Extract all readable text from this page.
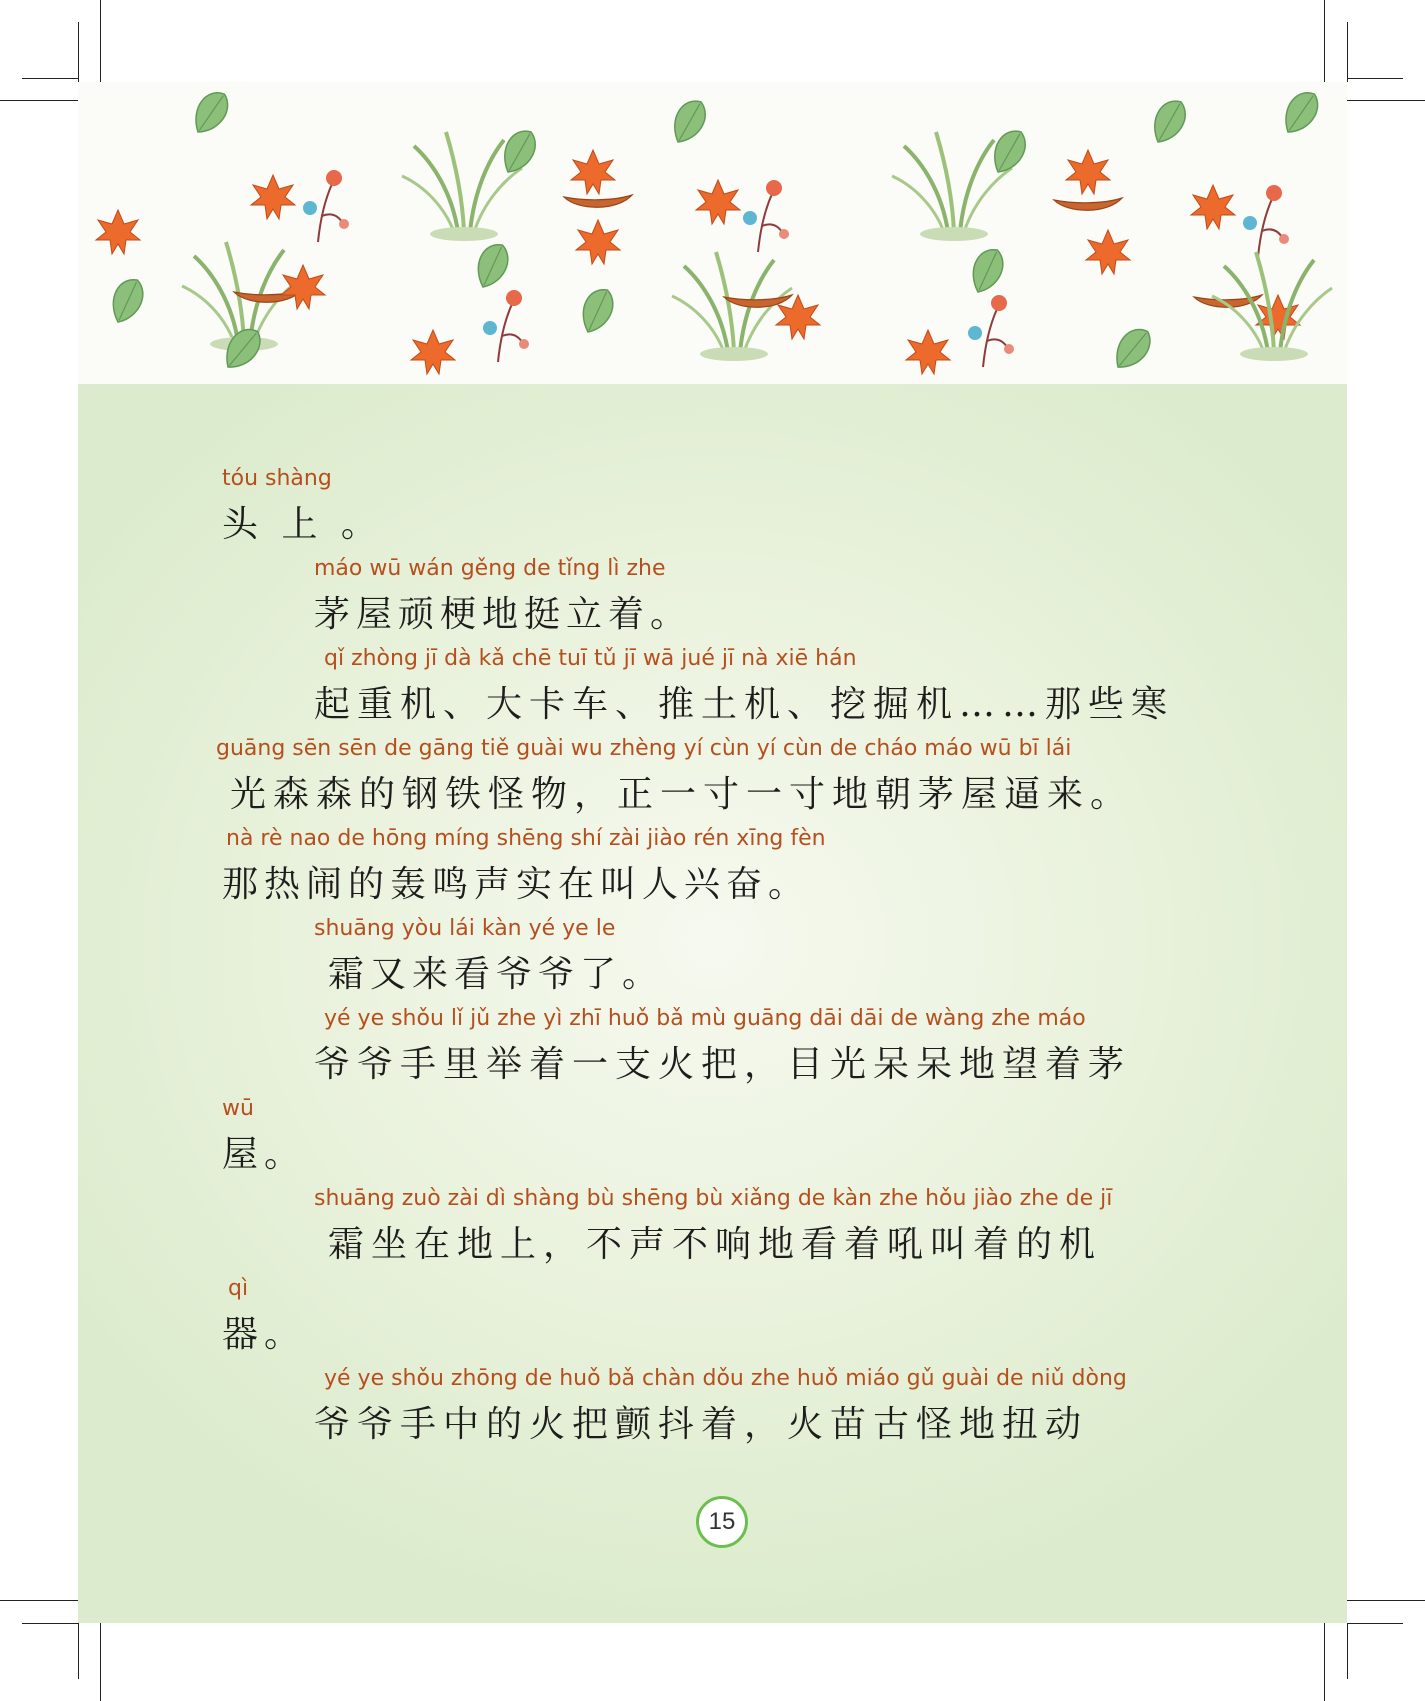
tóu shàng
头 上 。
máo wū wán gěng de tǐng lì zhe
茅屋顽梗地挺立着。
qǐ zhòng jī dà kǎ chē tuī tǔ jī wā jué jī nà xiē hán
起重机、大卡车、推土机、挖掘机……那些寒
guāng sēn sēn de gāng tiě guài wu zhèng yí cùn yí cùn de cháo máo wū bī lái
光森森的钢铁怪物，正一寸一寸地朝茅屋逼来。
nà rè nao de hōng míng shēng shí zài jiào rén xīng fèn
那热闹的轰鸣声实在叫人兴奋。
shuāng yòu lái kàn yé ye le
霜又来看爷爷了。
yé ye shǒu lǐ jǔ zhe yì zhī huǒ bǎ mù guāng dāi dāi de wàng zhe máo
爷爷手里举着一支火把，目光呆呆地望着茅
wū
屋。
shuāng zuò zài dì shàng bù shēng bù xiǎng de kàn zhe hǒu jiào zhe de jī
霜坐在地上，不声不响地看着吼叫着的机
qì
器。
yé ye shǒu zhōng de huǒ bǎ chàn dǒu zhe huǒ miáo gǔ guài de niǔ dòng
爷爷手中的火把颤抖着，火苗古怪地扭动
15
